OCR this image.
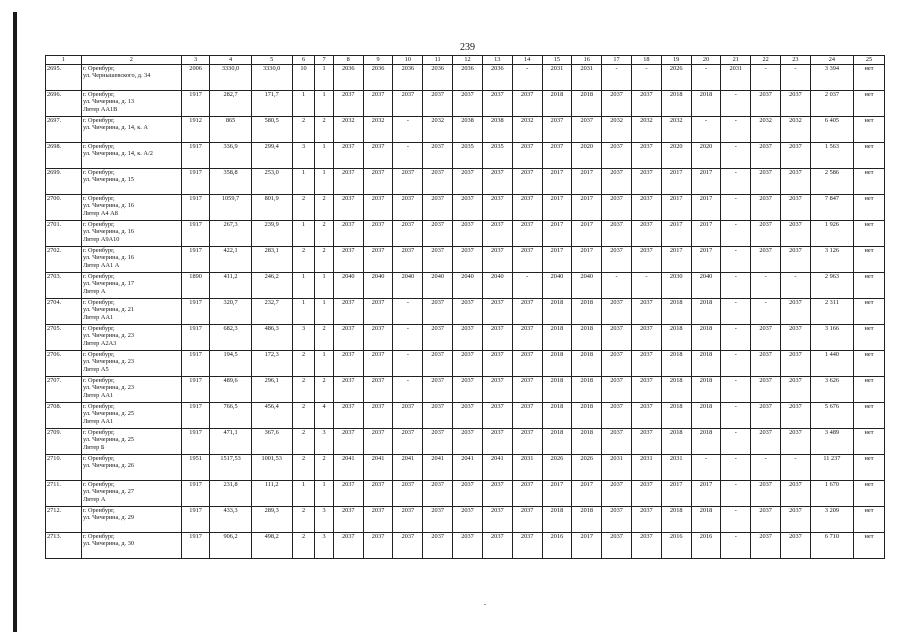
239
1	2	3	4	5	6	7	8	9	10	11	12	13	14	15	16	17	18	19	20	21	22	23	24	25
2695.	г. Оренбург,
ул. Чернышевского, д. 34	2006	3330,0	3330,0	10	1	2036	2036	2036	2036	2036	2036	-	2031	2031	-	-	2026	-	2031	-	-	3 394	нет
2696.	г. Оренбург,
ул. Чичерина, д. 13
Литер АА1В	1917	282,7	171,7	1	1	2037	2037	2037	2037	2037	2037	2037	2018	2018	2037	2037	2018	2018	-	2037	2037	2 037	нет
2697.	г. Оренбург,
ул. Чичерина, д. 14, к. А	1912	865	580,5	2	2	2032	2032	-	2032	2038	2038	2032	2037	2037	2032	2032	2032	-	-	2032	2032	6 405	нет
2698.	г. Оренбург,
ул. Чичерина, д. 14, к. А/2	1917	336,9	299,4	3	1	2037	2037	-	2037	2035	2035	2037	2037	2020	2037	2037	2020	2020	-	2037	2037	1 563	нет
2699.	г. Оренбург,
ул. Чичерина, д. 15	1917	358,8	253,0	1	1	2037	2037	2037	2037	2037	2037	2037	2017	2017	2037	2037	2017	2017	-	2037	2037	2 586	нет
2700.	г. Оренбург,
ул. Чичерина, д. 16
Литер А4 А8	1917	1059,7	801,9	2	2	2037	2037	2037	2037	2037	2037	2037	2017	2017	2037	2037	2017	2017	-	2037	2037	7 847	нет
2701.	г. Оренбург,
ул. Чичерина, д. 16
Литер А9А10	1917	267,3	239,9	1	2	2037	2037	2037	2037	2037	2037	2037	2017	2017	2037	2037	2017	2017	-	2037	2037	1 926	нет
2702.	г. Оренбург,
ул. Чичерина, д. 16
Литер АА1 А	1917	422,1	283,1	2	2	2037	2037	2037	2037	2037	2037	2037	2017	2017	2037	2037	2017	2017	-	2037	2037	3 126	нет
2703.	г. Оренбург,
ул. Чичерина, д. 17
Литер А	1890	411,2	246,2	1	1	2040	2040	2040	2040	2040	2040	-	2040	2040	-	-	2030	2040	-	-	-	2 963	нет
2704.	г. Оренбург,
ул. Чичерина, д. 21
Литер АА1	1917	320,7	232,7	1	1	2037	2037	-	2037	2037	2037	2037	2018	2018	2037	2037	2018	2018	-	-	2037	2 311	нет
2705.	г. Оренбург,
ул. Чичерина, д. 23
Литер А2А3	1917	682,3	486,3	3	2	2037	2037	-	2037	2037	2037	2037	2018	2018	2037	2037	2018	2018	-	2037	2037	3 166	нет
2706.	г. Оренбург,
ул. Чичерина, д. 23
Литер А5	1917	194,5	172,3	2	1	2037	2037	-	2037	2037	2037	2037	2018	2018	2037	2037	2018	2018	-	2037	2037	1 440	нет
2707.	г. Оренбург,
ул. Чичерина, д. 23
Литер АА1	1917	489,6	296,1	2	2	2037	2037	-	2037	2037	2037	2037	2018	2018	2037	2037	2018	2018	-	2037	2037	3 626	нет
2708.	г. Оренбург,
ул. Чичерина, д. 25
Литер АА1	1917	766,5	456,4	2	4	2037	2037	2037	2037	2037	2037	2037	2018	2018	2037	2037	2018	2018	-	2037	2037	5 676	нет
2709.	г. Оренбург,
ул. Чичерина, д. 25
Литер Б	1917	471,1	367,6	2	3	2037	2037	2037	2037	2037	2037	2037	2018	2018	2037	2037	2018	2018	-	2037	2037	3 489	нет
2710.	г. Оренбург,
ул. Чичерина, д. 26	1951	1517,53	1001,53	2	2	2041	2041	2041	2041	2041	2041	2031	2026	2026	2031	2031	2031	-	-	-	-	11 237	нет
2711.	г. Оренбург,
ул. Чичерина, д. 27
Литер А	1917	231,8	111,2	1	1	2037	2037	2037	2037	2037	2037	2037	2017	2017	2037	2037	2017	2017	-	2037	2037	1 670	нет
2712.	г. Оренбург,
ул. Чичерина, д. 29	1917	433,3	289,3	2	3	2037	2037	2037	2037	2037	2037	2037	2018	2018	2037	2037	2018	2018	-	2037	2037	3 209	нет
2713.	г. Оренбург,
ул. Чичерина, д. 30	1917	906,2	498,2	2	3	2037	2037	2037	2037	2037	2037	2037	2016	2017	2037	2037	2016	2016	-	2037	2037	6 710	нет
